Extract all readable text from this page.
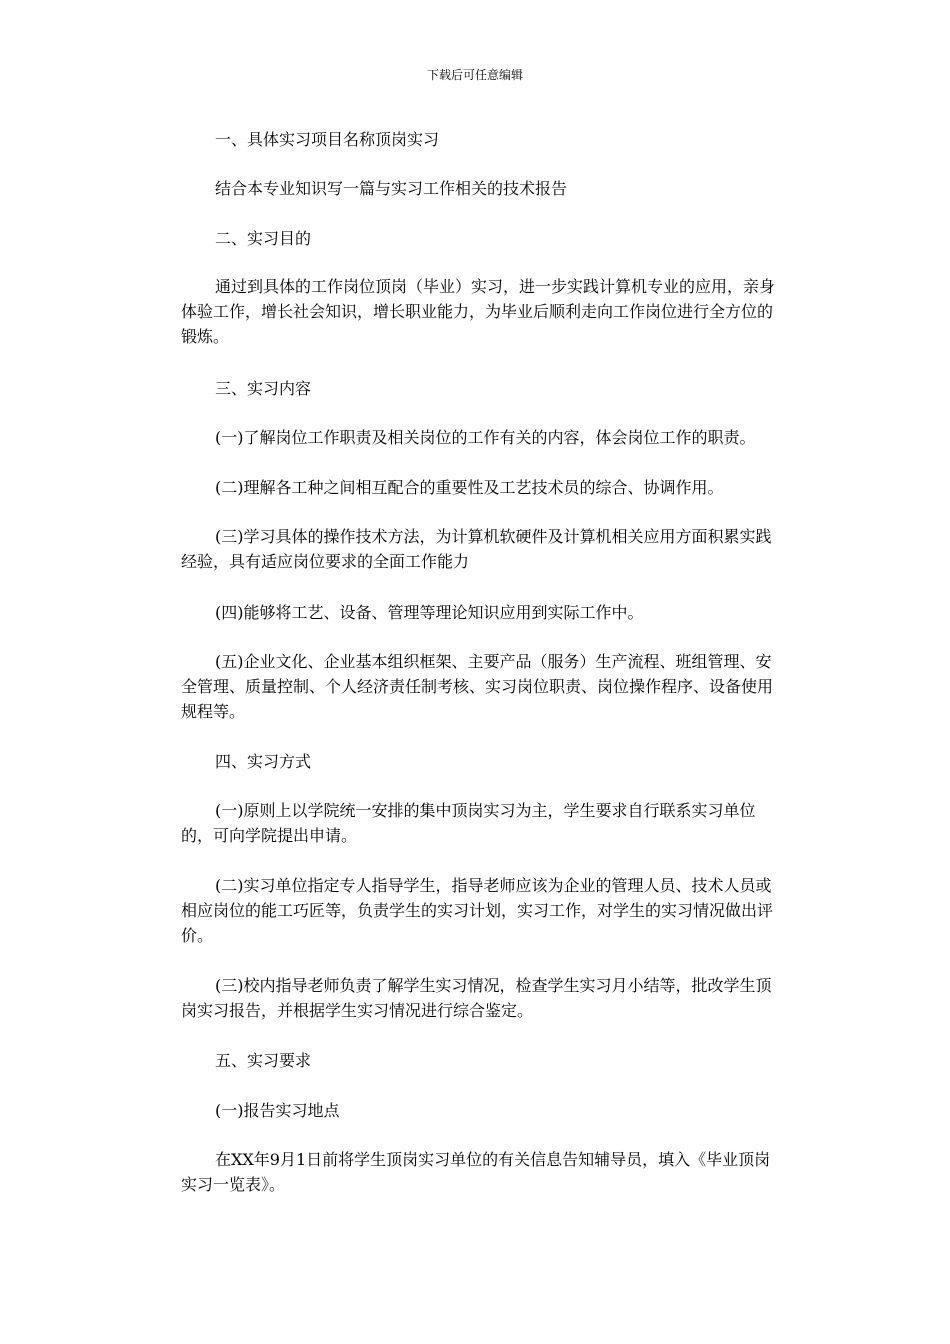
下载后可任意编辑

一、具体实习项目名称顶岗实习

结合本专业知识写一篇与实习工作相关的技术报告

二、实习目的

通过到具体的工作岗位顶岗（毕业）实习，进一步实践计算机专业的应用，亲身体验工作，增长社会知识，增长职业能力，为毕业后顺利走向工作岗位进行全方位的锻炼。

三、实习内容

(一)了解岗位工作职责及相关岗位的工作有关的内容，体会岗位工作的职责。

(二)理解各工种之间相互配合的重要性及工艺技术员的综合、协调作用。

(三)学习具体的操作技术方法，为计算机软硬件及计算机相关应用方面积累实践经验，具有适应岗位要求的全面工作能力

(四)能够将工艺、设备、管理等理论知识应用到实际工作中。

(五)企业文化、企业基本组织框架、主要产品（服务）生产流程、班组管理、安全管理、质量控制、个人经济责任制考核、实习岗位职责、岗位操作程序、设备使用规程等。

四、实习方式

(一)原则上以学院统一安排的集中顶岗实习为主，学生要求自行联系实习单位的，可向学院提出申请。

(二)实习单位指定专人指导学生，指导老师应该为企业的管理人员、技术人员或相应岗位的能工巧匠等，负责学生的实习计划，实习工作，对学生的实习情况做出评价。

(三)校内指导老师负责了解学生实习情况，检查学生实习月小结等，批改学生顶岗实习报告，并根据学生实习情况进行综合鉴定。

五、实习要求

(一)报告实习地点

在XX年9月1日前将学生顶岗实习单位的有关信息告知辅导员，填入《毕业顶岗实习一览表》。
